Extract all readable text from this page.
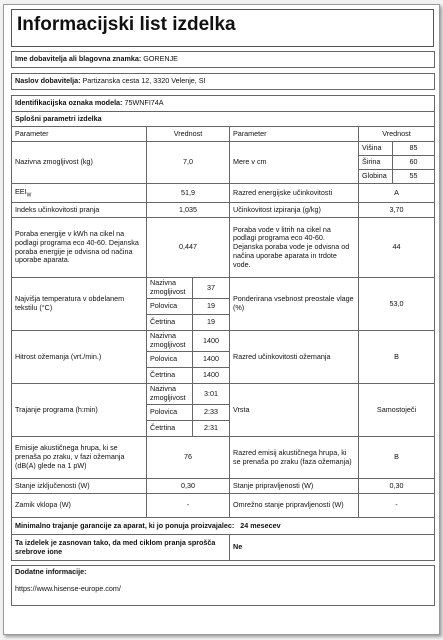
Informacijski list izdelka
Ime dobavitelja ali blagovna znamka: GORENJE					

Naslov dobavitelja: Partizanska cesta 12, 3320 Velenje, SI					

Identifikacijska oznaka modela: 75WNFI74A					
Splošni parametri izdelka					
Parameter	Vrednost		Parameter	Vrednost	
Nazivna zmogljivost (kg)	7,0		Mere v cm	Višina	85
				Širina	60
				Globina	55
$EEI_W$	51,9		Razred energijske učinkovitosti	A	
Indeks učinkovitosti pranja	1,035		Učinkovitost izpiranja (g/kg)	3,70	
Poraba energije v kWh na cikel na podlagi programa eco 40-60. Dejanska poraba energije je odvisna od načina uporabe aparata.	0,447		Poraba vode v litrih na cikel na podlagi programa eco 40-60. Dejanska poraba vode je odvisna od načina uporabe aparata in trdote vode.	44	
Najvišja temperatura v obdelanem tekstilu (°C)	Nazivna zmogljivost	37	Ponderirana vsebnost preostale vlage (%)	53,0	
	Polovica	19			
	Četrtina	19			
Hitrost ožemanja (vrt./min.)	Nazivna zmogljivost	1400	Razred učinkovitosti ožemanja	B	
	Polovica	1400			
	Četrtina	1400			
Trajanje programa (h:min)	Nazivna zmogljivost	3:01	Vrsta	Samostoječi	
	Polovica	2:33			
	Četrtina	2:31			
Emisije akustičnega hrupa, ki se prenaša po zraku, v fazi ožemanja (dB(A) glede na 1 pW)	76		Razred emisij akustičnega hrupa, ki se prenaša po zraku (faza ožemanja)	B	
Stanje izključenosti (W)	0,30		Stanje pripravljenosti (W)	0,30	
Zamik vklopa (W)	-		Omrežno stanje pripravljenosti (W)	-	
Minimalno trajanje garancije za aparat, ki jo ponuja proizvajalec: 24 mesecev					
Ta izdelek je zasnovan tako, da med ciklom pranja sprošča srebrove ione			Ne		

Dodatne informacije:
https://www.hisense-europe.com/					
